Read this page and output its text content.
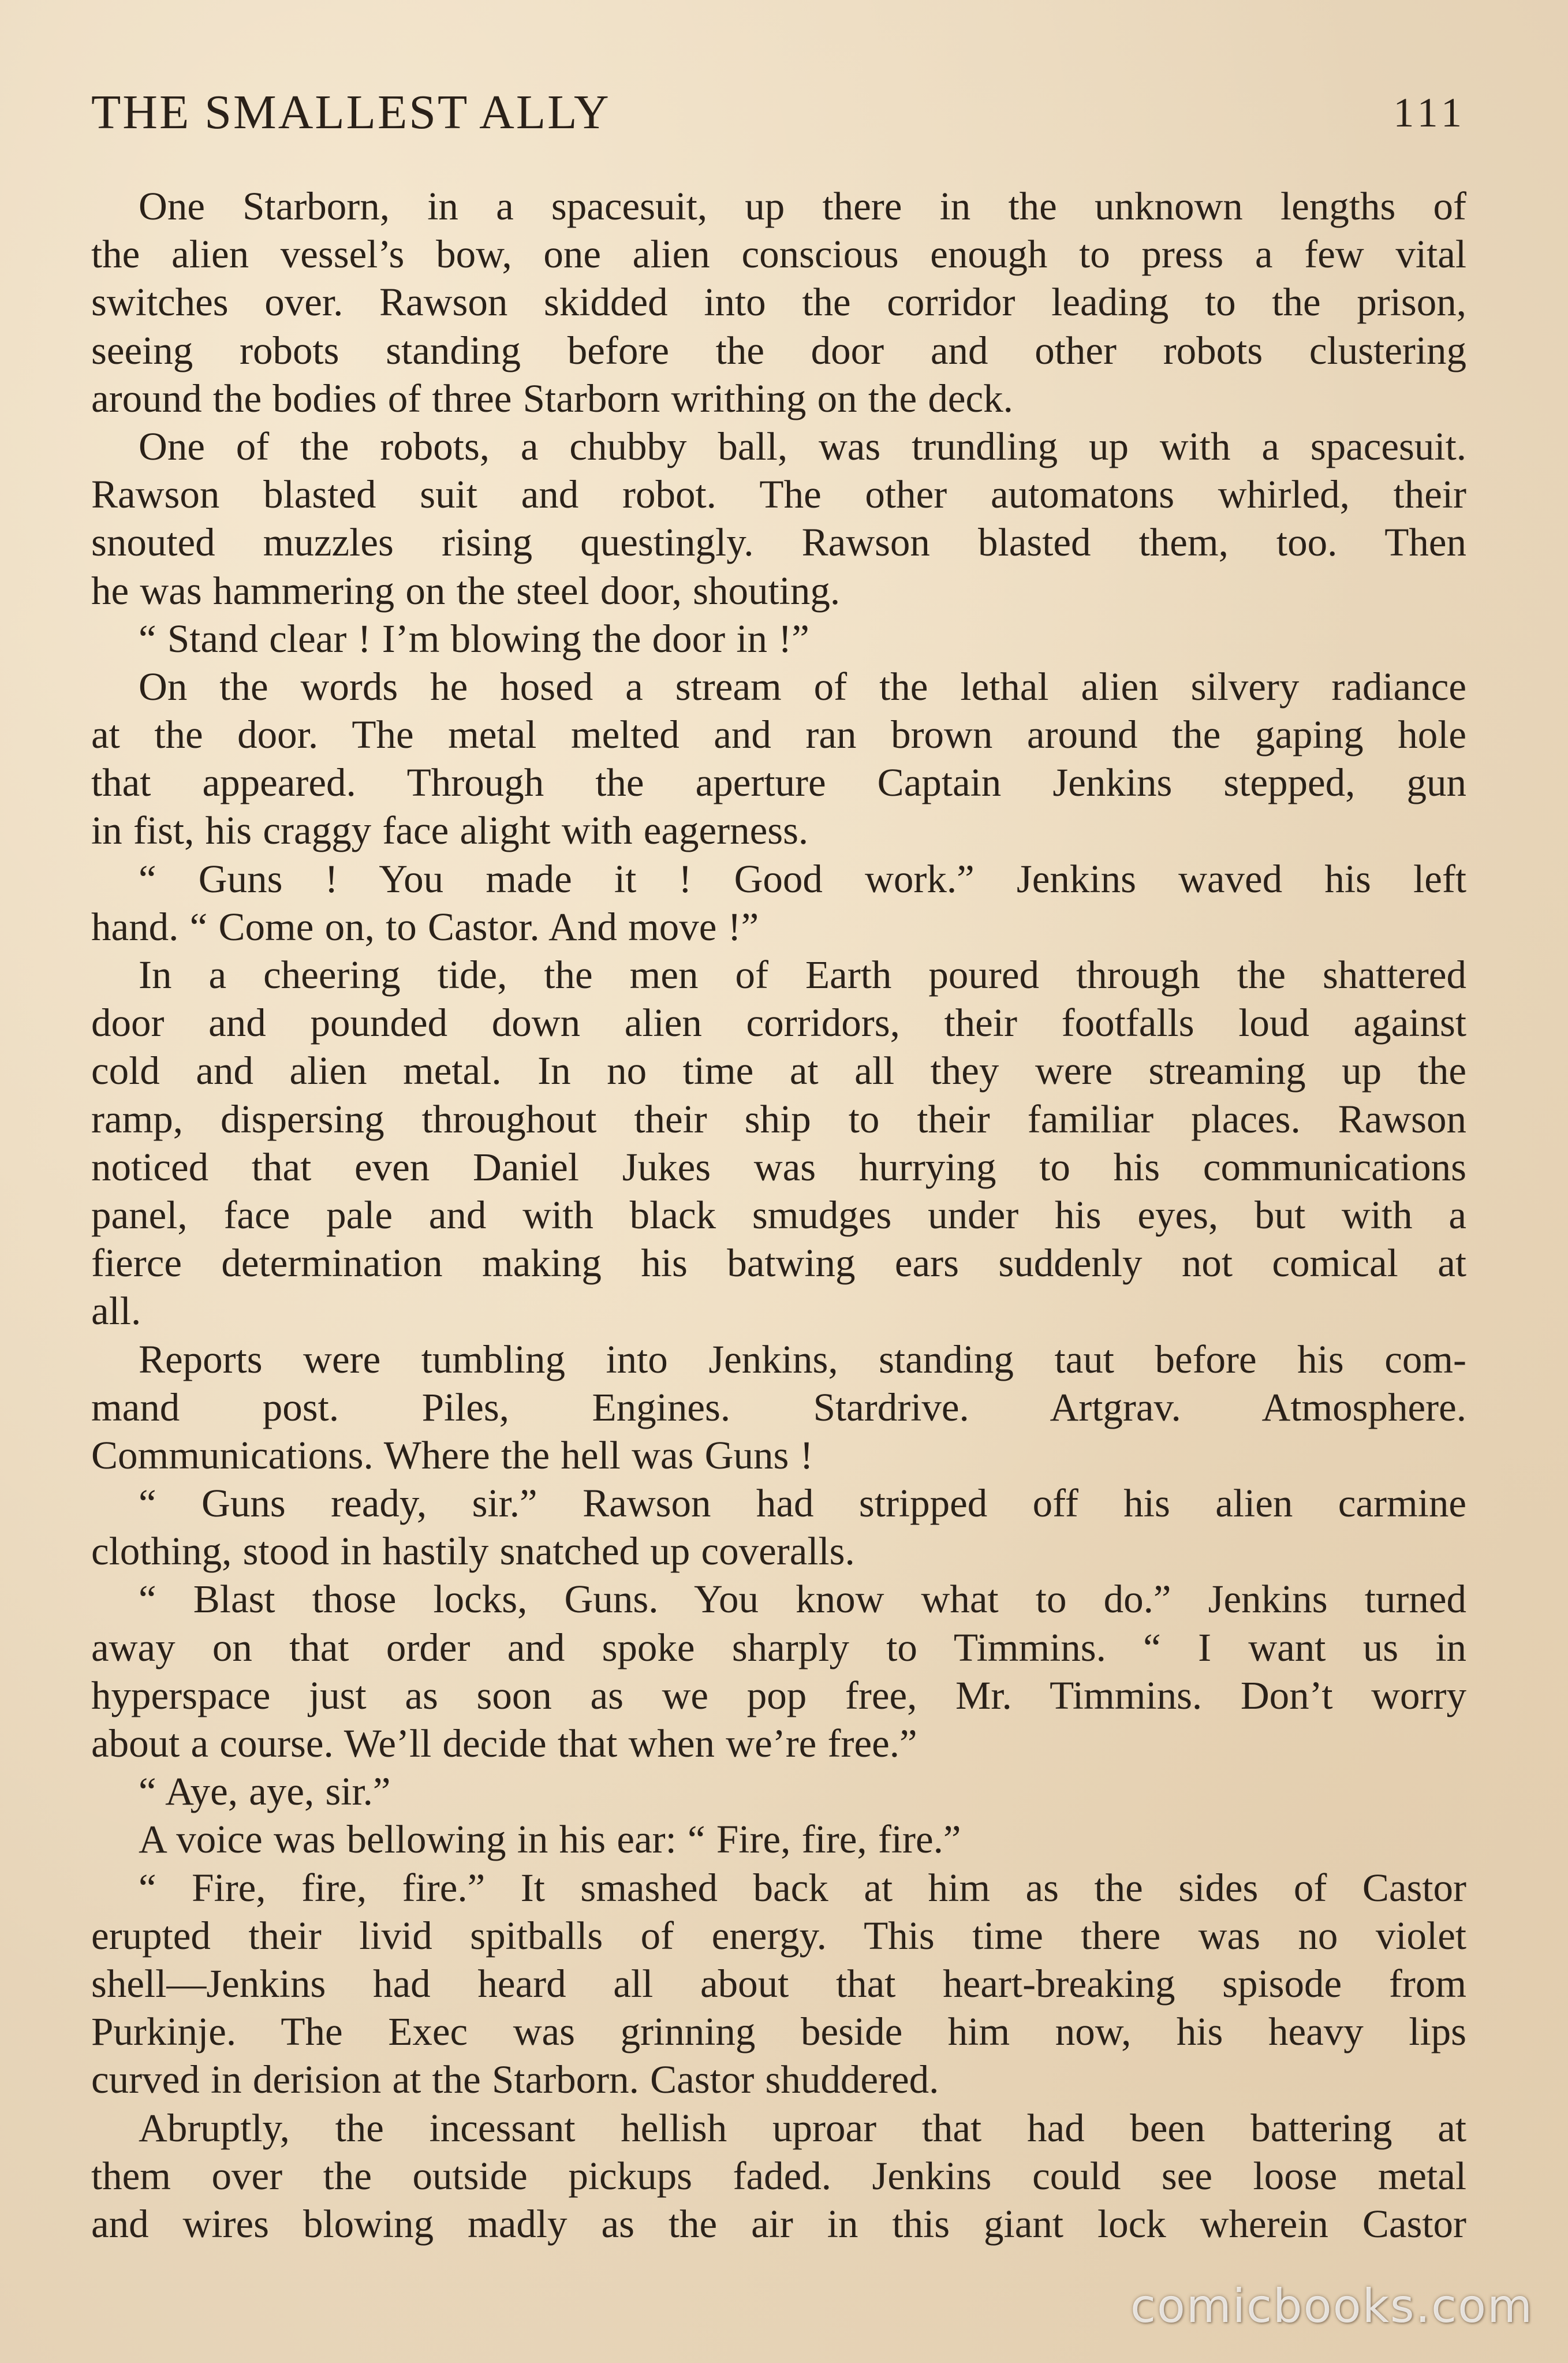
THE SMALLEST ALLY	111
One Starborn, in a spacesuit, up there in the unknown lengths of
the alien vessel’s bow, one alien conscious enough to press a few vital
switches over. Rawson skidded into the corridor leading to the prison,
seeing robots standing before the door and other robots clustering
around the bodies of three Starborn writhing on the deck.
One of the robots, a chubby ball, was trundling up with a spacesuit.
Rawson blasted suit and robot. The other automatons whirled, their
snouted muzzles rising questingly. Rawson blasted them, too. Then
he was hammering on the steel door, shouting.
“ Stand clear ! I’m blowing the door in !”
On the words he hosed a stream of the lethal alien silvery radiance
at the door. The metal melted and ran brown around the gaping hole
that appeared. Through the aperture Captain Jenkins stepped, gun
in fist, his craggy face alight with eagerness.
“ Guns ! You made it ! Good work.” Jenkins waved his left
hand. “ Come on, to Castor. And move !”
In a cheering tide, the men of Earth poured through the shattered
door and pounded down alien corridors, their footfalls loud against
cold and alien metal. In no time at all they were streaming up the
ramp, dispersing throughout their ship to their familiar places. Rawson
noticed that even Daniel Jukes was hurrying to his communications
panel, face pale and with black smudges under his eyes, but with a
fierce determination making his batwing ears suddenly not comical at
all.
Reports were tumbling into Jenkins, standing taut before his com-
mand post. Piles, Engines. Stardrive. Artgrav. Atmosphere.
Communications. Where the hell was Guns !
“ Guns ready, sir.” Rawson had stripped off his alien carmine
clothing, stood in hastily snatched up coveralls.
“ Blast those locks, Guns. You know what to do.” Jenkins turned
away on that order and spoke sharply to Timmins. “ I want us in
hyperspace just as soon as we pop free, Mr. Timmins. Don’t worry
about a course. We’ll decide that when we’re free.”
“ Aye, aye, sir.”
A voice was bellowing in his ear: “ Fire, fire, fire.”
“ Fire, fire, fire.” It smashed back at him as the sides of Castor
erupted their livid spitballs of energy. This time there was no violet
shell—Jenkins had heard all about that heart-breaking spisode from
Purkinje. The Exec was grinning beside him now, his heavy lips
curved in derision at the Starborn. Castor shuddered.
Abruptly, the incessant hellish uproar that had been battering at
them over the outside pickups faded. Jenkins could see loose metal
and wires blowing madly as the air in this giant lock wherein Castor
comicbooks.com
